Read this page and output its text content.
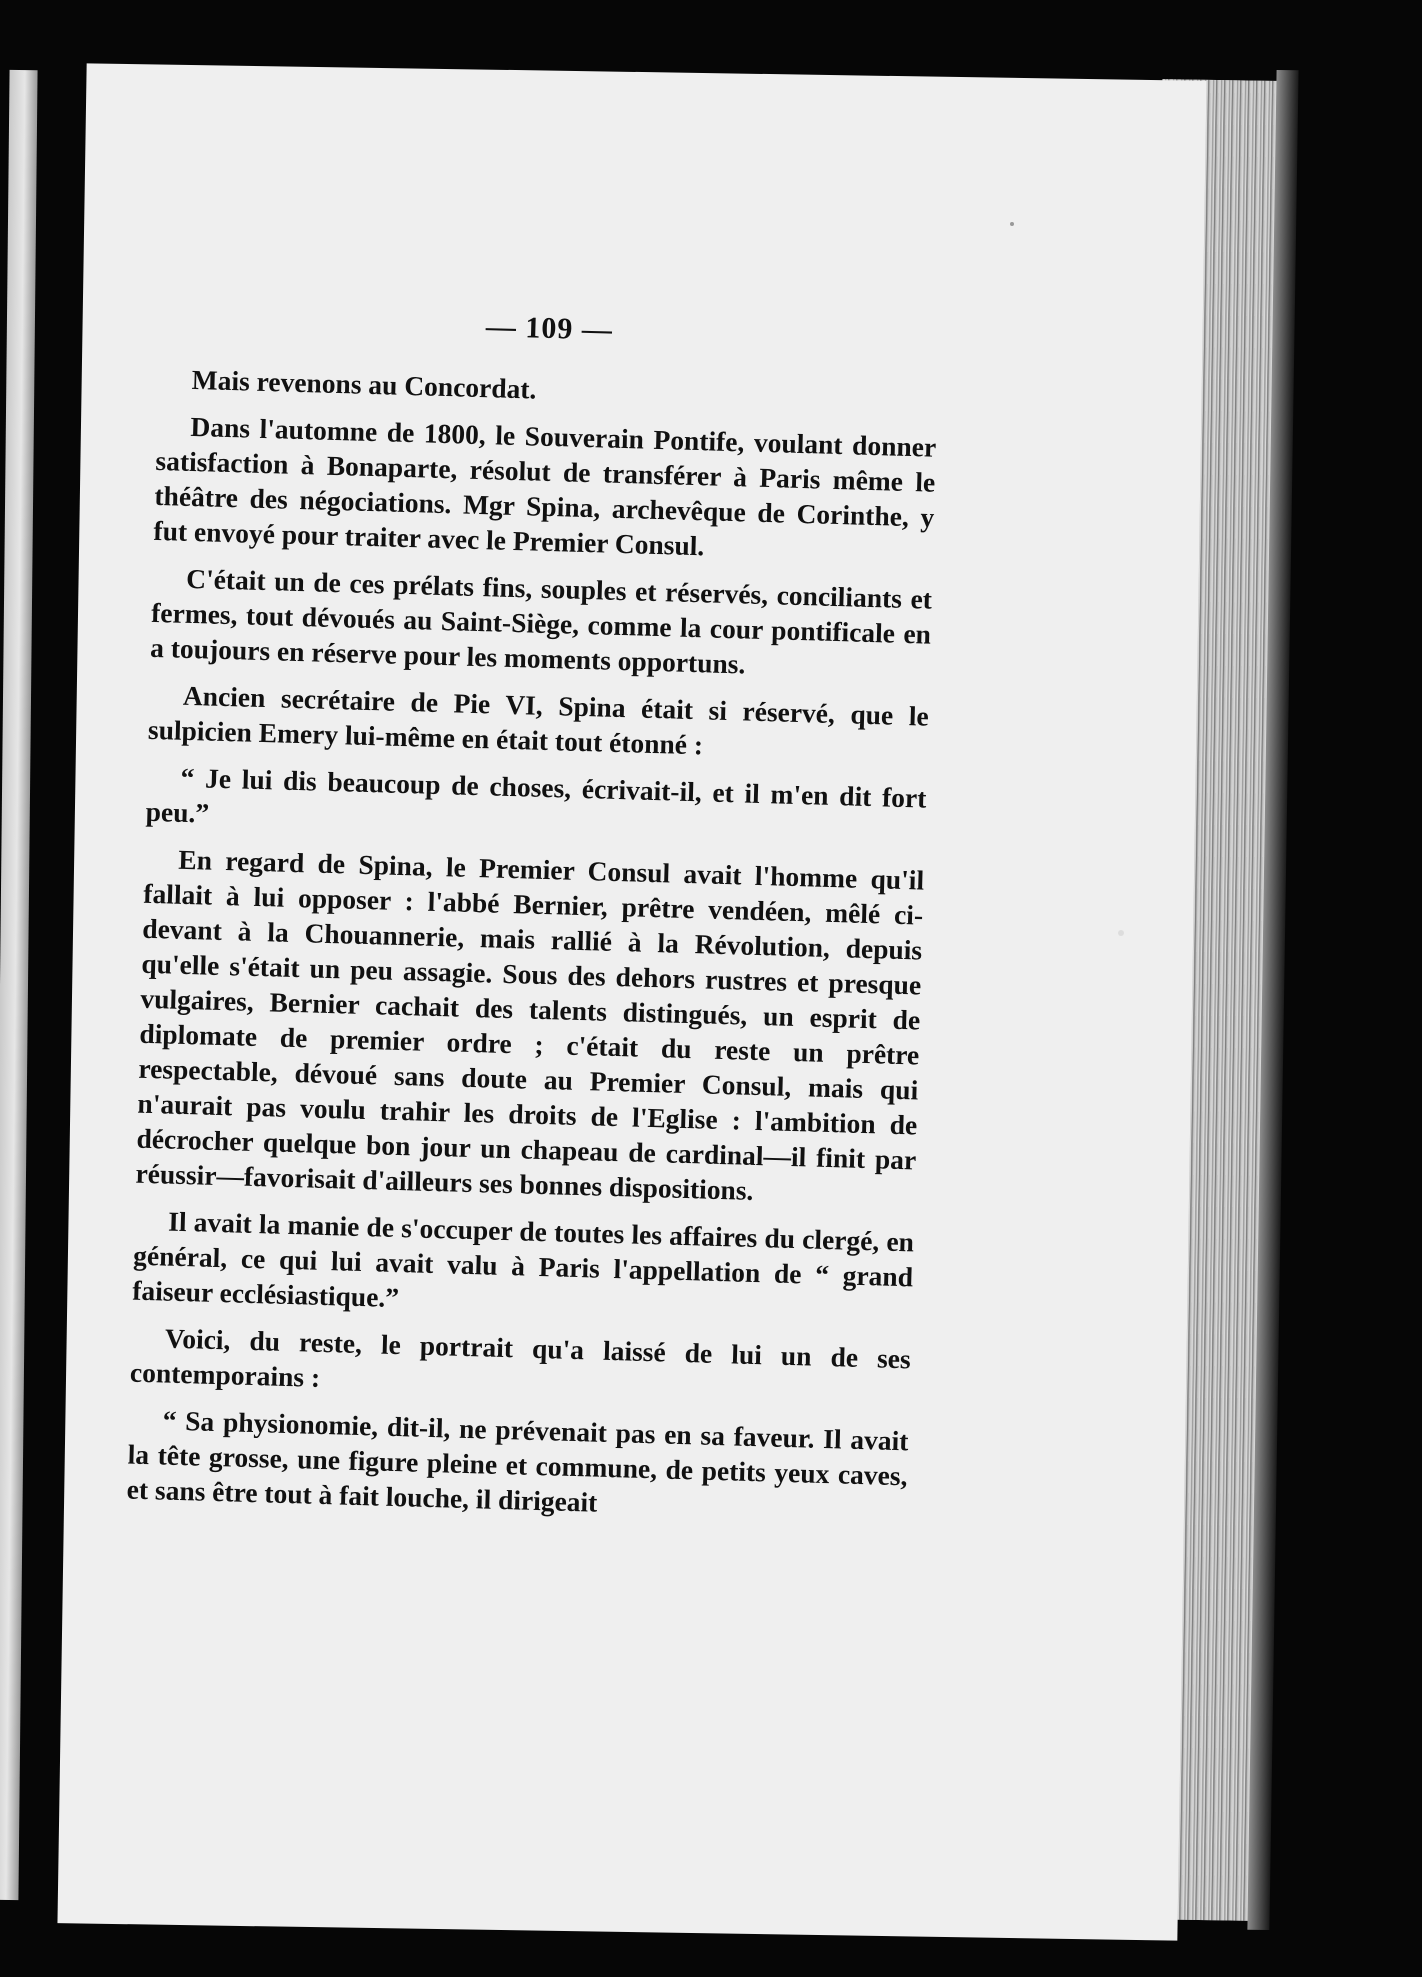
— 109 —

Mais revenons au Concordat.

Dans l'automne de 1800, le Souverain Pontife, voulant donner satisfaction à Bonaparte, résolut de transférer à Paris même le théâtre des négociations. Mgr Spina, archevêque de Corinthe, y fut envoyé pour traiter avec le Premier Consul.

C'était un de ces prélats fins, souples et réservés, conciliants et fermes, tout dévoués au Saint-Siège, comme la cour pontificale en a toujours en réserve pour les moments opportuns.

Ancien secrétaire de Pie VI, Spina était si réservé, que le sulpicien Emery lui-même en était tout étonné :

“ Je lui dis beaucoup de choses, écrivait-il, et il m'en dit fort peu.”

En regard de Spina, le Premier Consul avait l'homme qu'il fallait à lui opposer : l'abbé Bernier, prêtre vendéen, mêlé ci-devant à la Chouannerie, mais rallié à la Révolution, depuis qu'elle s'était un peu assagie. Sous des dehors rustres et presque vulgaires, Bernier cachait des talents distingués, un esprit de diplomate de premier ordre ; c'était du reste un prêtre respectable, dévoué sans doute au Premier Consul, mais qui n'aurait pas voulu trahir les droits de l'Eglise : l'ambition de décrocher quelque bon jour un chapeau de cardinal—il finit par réussir—favorisait d'ailleurs ses bonnes dispositions.

Il avait la manie de s'occuper de toutes les affaires du clergé, en général, ce qui lui avait valu à Paris l'appellation de “ grand faiseur ecclésiastique.”

Voici, du reste, le portrait qu'a laissé de lui un de ses contemporains :

“ Sa physionomie, dit-il, ne prévenait pas en sa faveur. Il avait la tête grosse, une figure pleine et commune, de petits yeux caves, et sans être tout à fait louche, il dirigeait
